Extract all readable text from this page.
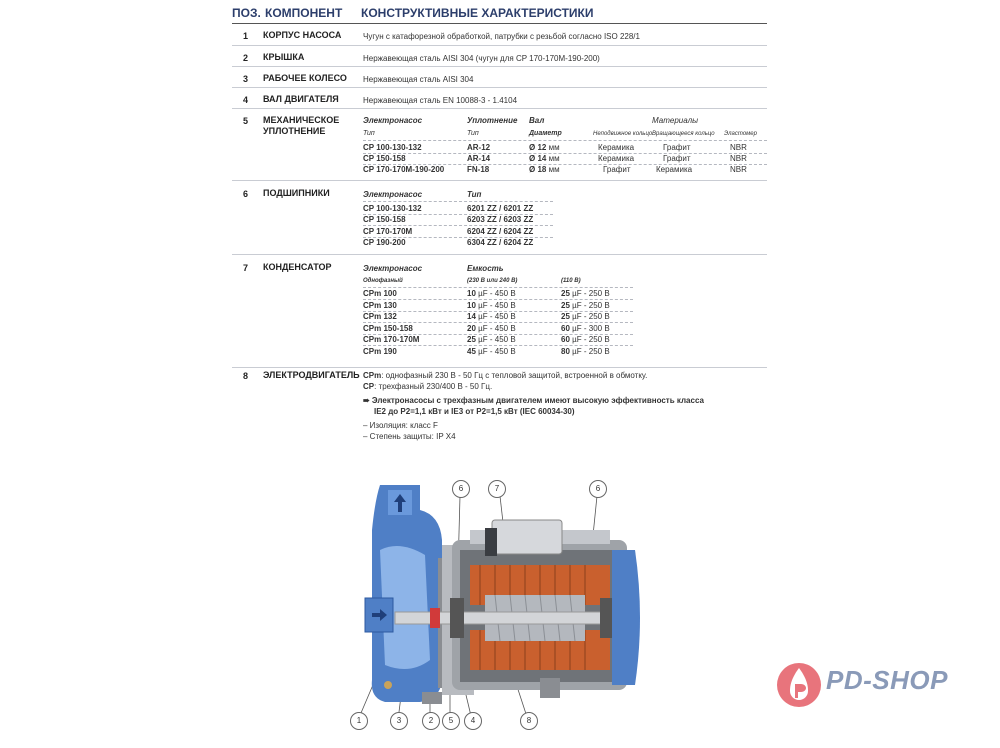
ПОЗ. КОМПОНЕНТ КОНСТРУКТИВНЫЕ ХАРАКТЕРИСТИКИ
1 КОРПУС НАСОСА	Чугун с катафорезной обработкой, патрубки с резьбой согласно ISO 228/1
2 КРЫШКА	Нержавеющая сталь AISI 304 (чугун для CP 170-170M-190-200)
3 РАБОЧЕЕ КОЛЕСО Нержавеющая сталь AISI 304
4 ВАЛ ДВИГАТЕЛЯ	Нержавеющая сталь EN 10088-3 - 1.4104
5 МЕХАНИЧЕСКОЕ
УПЛОТНЕНИЕ
Электронасос	Уплотнение Вал	Материалы
Тип	Тип	Диаметр	Неподвижное кольцо Вращающееся кольцо Эластомер
CP 100-130-132	AR-12	Ø 12 мм	Керамика	Графит	NBR
CP 150-158	AR-14	Ø 14 мм	Керамика	Графит	NBR
CP 170-170M-190-200	FN-18	Ø 18 мм	Графит	Керамика	NBR
6 ПОДШИПНИКИ	Электронасос	Тип
CP 100-130-132	6201 ZZ / 6201 ZZ
CP 150-158	6203 ZZ / 6203 ZZ
CP 170-170M	6204 ZZ / 6204 ZZ
CP 190-200	6304 ZZ / 6204 ZZ
7 КОНДЕНСАТОР	Электронасос	Емкость
Однофазный	(230 В или 240 В)	(110 В)
CPm 100	10 µF - 450 В	25 µF - 250 В
CPm 130	10 µF - 450 В	25 µF - 250 В
CPm 132	14 µF - 450 В	25 µF - 250 В
CPm 150-158	20 µF - 450 В	60 µF - 300 В
CPm 170-170M	25 µF - 450 В	60 µF - 250 В
CPm 190	45 µF - 450 В	80 µF - 250 В
8 ЭЛЕКТРОДВИГАТЕЛЬ CPm: однофазный 230 В - 50 Гц с тепловой защитой, встроенной в обмотку.
CP: трехфазный 230/400 В - 50 Гц.
➠ Электронасосы с трехфазным двигателем имеют высокую эффективность класса
IE2 до P2=1,1 кВт и IE3 от P2=1,5 кВт (IEC 60034-30)
– Изоляция: класс F
– Степень защиты: IP X4
1	3	2	5	4	8
6	7	6
PD-SHOP
